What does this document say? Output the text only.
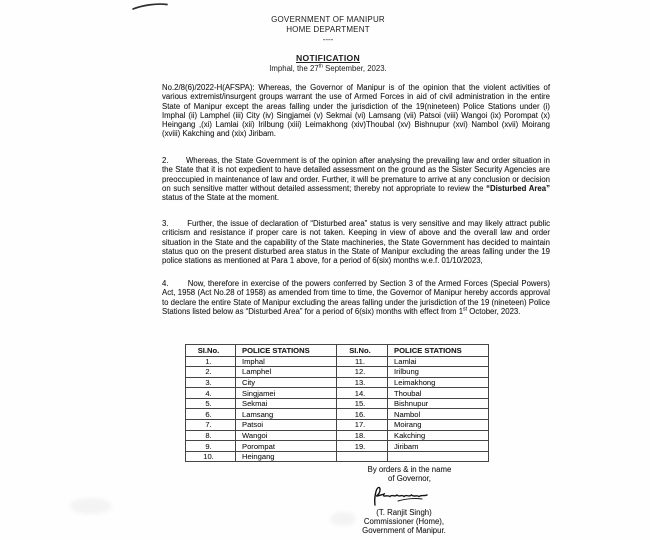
GOVERNMENT OF MANIPUR
HOME DEPARTMENT
----
NOTIFICATION
Imphal, the 27th September, 2023.
No.2/8(6)/2022-H(AFSPA): Whereas, the Governor of Manipur is of the opinion that the violent activities of various extremist/insurgent groups warrant the use of Armed Forces in aid of civil administration in the entire State of Manipur except the areas falling under the jurisdiction of the 19(nineteen) Police Stations under (i) Imphal (ii) Lamphel (iii) City (iv) Singjamei (v) Sekmai (vi) Lamsang (vii) Patsoi (viii) Wangoi (ix) Porompat (x) Heingang ,(xi) Lamlai (xii) Irilbung (xiii) Leimakhong (xiv)Thoubal (xv) Bishnupur (xvi) Nambol (xvii) Moirang (xviii) Kakching and (xix) Jiribam.
2.       Whereas, the State Government is of the opinion after analysing the prevailing law and order situation in the State that it is not expedient to have detailed assessment on the ground as the Sister Security Agencies are preoccupied in maintenance of law and order. Further, it will be premature to arrive at any conclusion or decision on such sensitive matter without detailed assessment; thereby not appropriate to review the “Disturbed Area” status of the State at the moment.
3.       Further, the issue of declaration of “Disturbed area” status is very sensitive and may likely attract public criticism and resistance if proper care is not taken. Keeping in view of above and the overall law and order situation in the State and the capability of the State machineries, the State Government has decided to maintain status quo on the present disturbed area status in the State of Manipur excluding the areas falling under the 19 police stations as mentioned at Para 1 above, for a period of 6(six) months w.e.f. 01/10/2023,
4.       Now, therefore in exercise of the powers conferred by Section 3 of the Armed Forces (Special Powers) Act, 1958 (Act No.28 of 1958) as amended from time to time, the Governor of Manipur hereby accords approval to declare the entire State of Manipur excluding the areas falling under the jurisdiction of the 19 (nineteen) Police Stations listed below as “Disturbed Area” for a period of 6(six) months with effect from 1st October, 2023.
SI.No.	POLICE STATIONS	SI.No.	POLICE STATIONS
1.	Imphal	11.	Lamlai
2.	Lamphel	12.	Irilbung
3.	City	13.	Leimakhong
4.	Singjamei	14.	Thoubal
5.	Sekmai	15.	Bishnupur
6.	Lamsang	16.	Nambol
7.	Patsoi	17.	Moirang
8.	Wangoi	18.	Kakching
9.	Porompat	19.	Jiribam
10.	Heingang		
By orders & in the name
of Governor,
(T. Ranjit Singh)
Commissioner (Home),
Government of Manipur.
